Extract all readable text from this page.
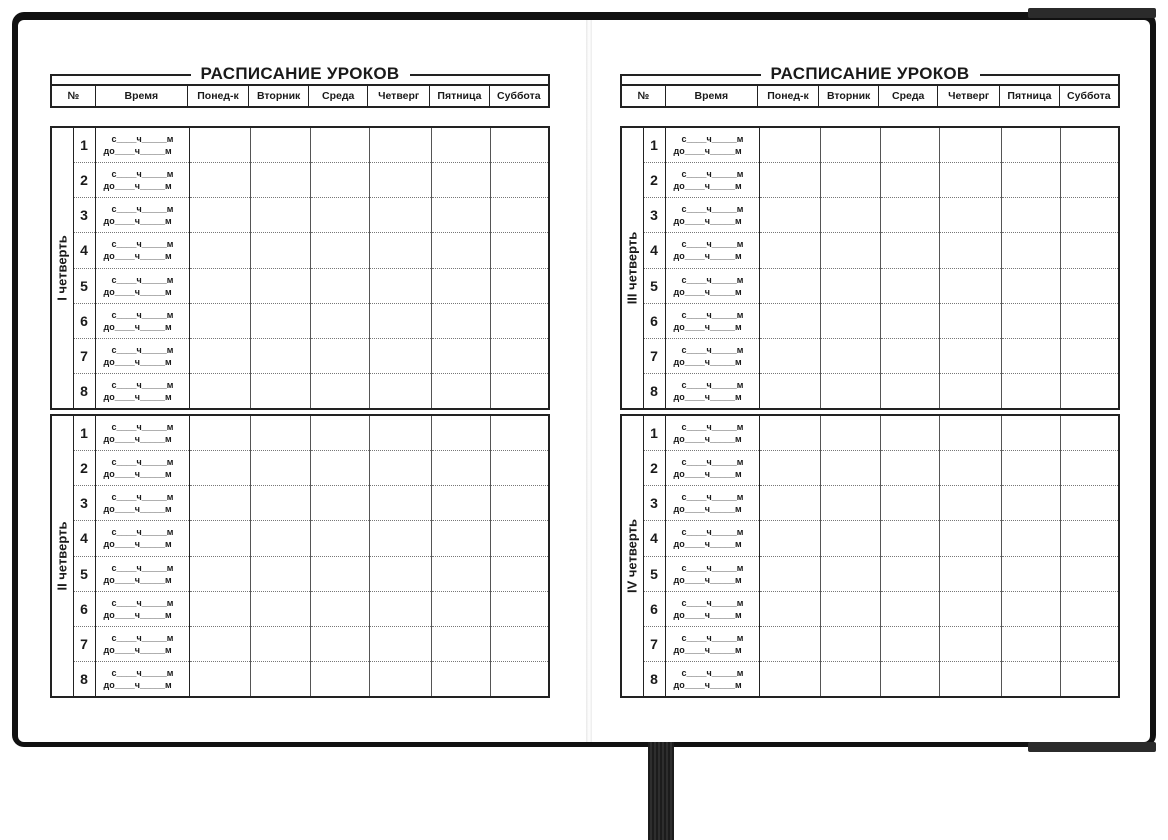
РАСПИСАНИЕ УРОКОВ
№	Время	Понед-к	Вторник	Среда	Четверг	Пятница	Суббота
I четверть	1	с____ч_____м
до____ч_____м						

	2	с____ч_____м
до____ч_____м						

	3	с____ч_____м
до____ч_____м						

	4	с____ч_____м
до____ч_____м						

	5	с____ч_____м
до____ч_____м						

	6	с____ч_____м
до____ч_____м						

	7	с____ч_____м
до____ч_____м						

	8	с____ч_____м
до____ч_____м						

II четверть	1	с____ч_____м
до____ч_____м						

	2	с____ч_____м
до____ч_____м						

	3	с____ч_____м
до____ч_____м						

	4	с____ч_____м
до____ч_____м						

	5	с____ч_____м
до____ч_____м						

	6	с____ч_____м
до____ч_____м						

	7	с____ч_____м
до____ч_____м						

	8	с____ч_____м
до____ч_____м						

РАСПИСАНИЕ УРОКОВ
№	Время	Понед-к	Вторник	Среда	Четверг	Пятница	Суббота
III четверть	1	с____ч_____м
до____ч_____м						

	2	с____ч_____м
до____ч_____м						

	3	с____ч_____м
до____ч_____м						

	4	с____ч_____м
до____ч_____м						

	5	с____ч_____м
до____ч_____м						

	6	с____ч_____м
до____ч_____м						

	7	с____ч_____м
до____ч_____м						

	8	с____ч_____м
до____ч_____м						

IV четверть	1	с____ч_____м
до____ч_____м						

	2	с____ч_____м
до____ч_____м						

	3	с____ч_____м
до____ч_____м						

	4	с____ч_____м
до____ч_____м						

	5	с____ч_____м
до____ч_____м						

	6	с____ч_____м
до____ч_____м						

	7	с____ч_____м
до____ч_____м						

	8	с____ч_____м
до____ч_____м						
